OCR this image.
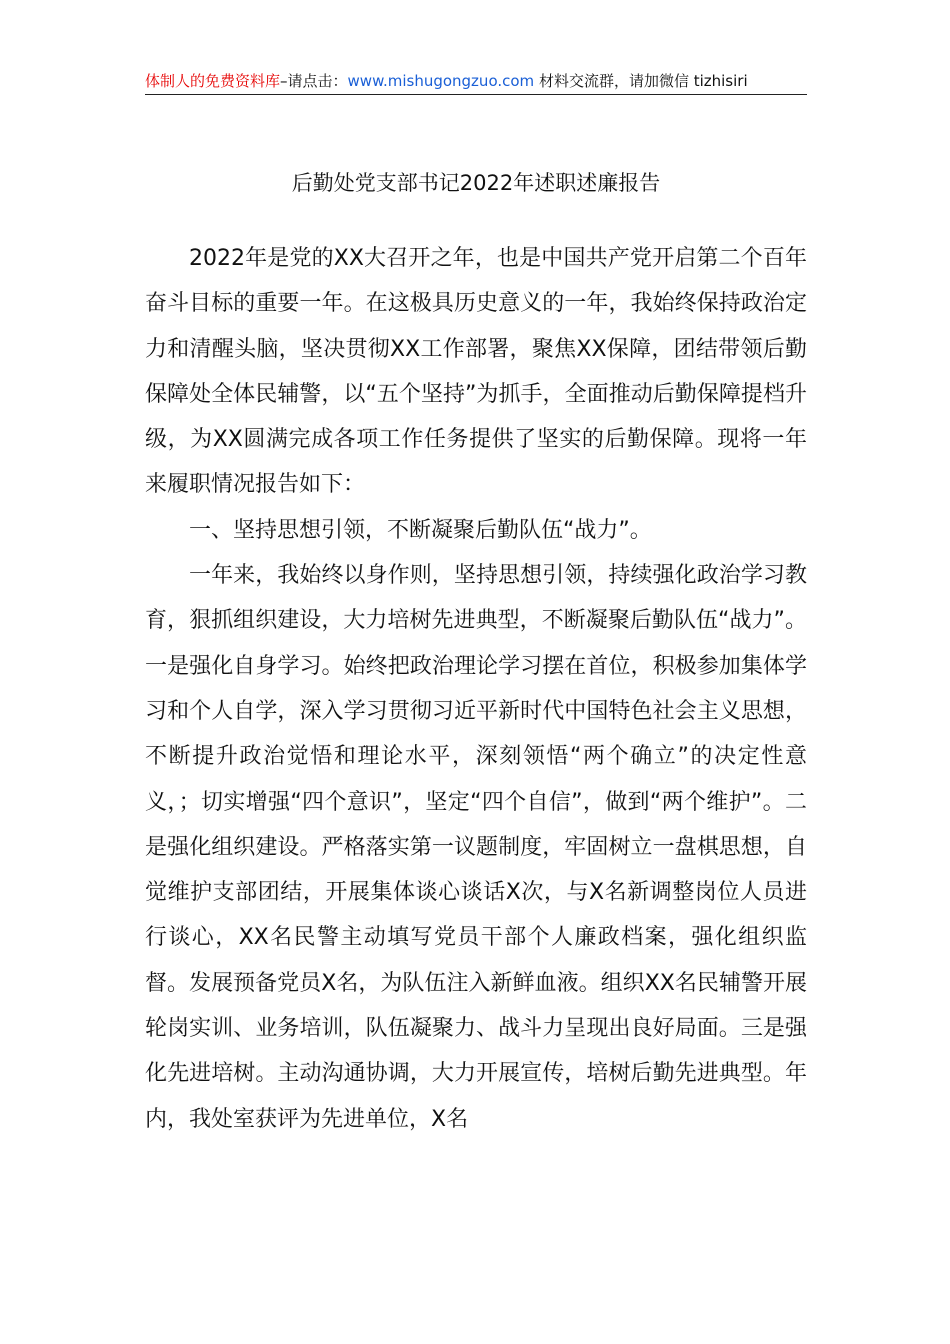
体制人的免费资料库–请点击：www.mishugongzuo.com 材料交流群，请加微信 tizhisiri
后勤处党支部书记2022年述职述廉报告

2022年是党的XX大召开之年，也是中国共产党开启第二个百年奋斗目标的重要一年。在这极具历史意义的一年，我始终保持政治定力和清醒头脑，坚决贯彻XX工作部署，聚焦XX保障，团结带领后勤保障处全体民辅警，以“五个坚持”为抓手，全面推动后勤保障提档升级，为XX圆满完成各项工作任务提供了坚实的后勤保障。现将一年来履职情况报告如下：

一、坚持思想引领，不断凝聚后勤队伍“战力”。

一年来，我始终以身作则，坚持思想引领，持续强化政治学习教育，狠抓组织建设，大力培树先进典型，不断凝聚后勤队伍“战力”。一是强化自身学习。始终把政治理论学习摆在首位，积极参加集体学习和个人自学，深入学习贯彻习近平新时代中国特色社会主义思想，不断提升政治觉悟和理论水平，深刻领悟“两个确立”的决定性意义，；切实增强“四个意识”，坚定“四个自信”，做到“两个维护”。二是强化组织建设。严格落实第一议题制度，牢固树立一盘棋思想，自觉维护支部团结，开展集体谈心谈话X次，与X名新调整岗位人员进行谈心，XX名民警主动填写党员干部个人廉政档案，强化组织监督。发展预备党员X名，为队伍注入新鲜血液。组织XX名民辅警开展轮岗实训、业务培训，队伍凝聚力、战斗力呈现出良好局面。三是强化先进培树。主动沟通协调，大力开展宣传，培树后勤先进典型。年内，我处室获评为先进单位，X名
